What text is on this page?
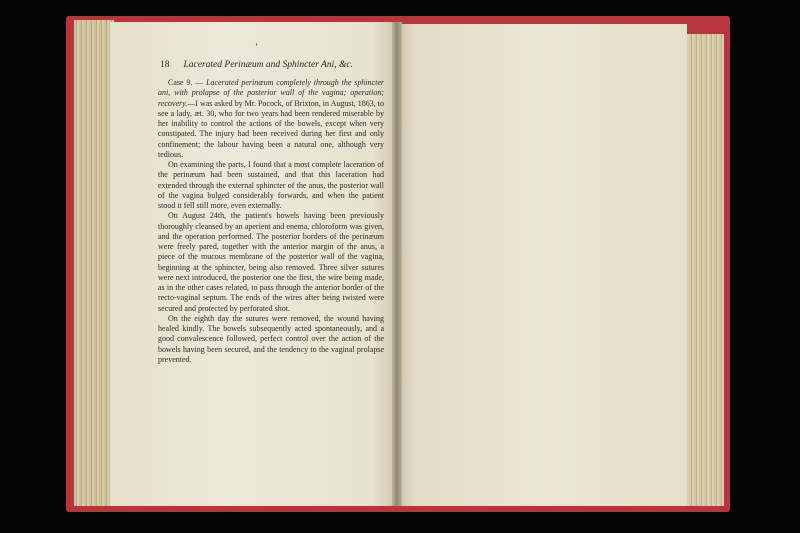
ʼ
18 Lacerated Perinæum and Sphincter Ani, &c.

Case 9. — Lacerated perinæum completely through the sphincter ani, with prolapse of the posterior wall of the vagina; operation; recovery.—I was asked by Mr. Pocock, of Brixton, in August, 1863, to see a lady, æt. 30, who for two years had been rendered miserable by her inability to control the actions of the bowels, except when very constipated. The injury had been received during her first and only confinement; the labour having been a natural one, although very tedious.

On examining the parts, I found that a most complete laceration of the perinæum had been sustained, and that this laceration had extended through the external sphincter of the anus, the posterior wall of the vagina bulged considerably forwards, and when the patient stood it fell still more, even externally.

On August 24th, the patient's bowels having been previously thoroughly cleansed by an aperient and enema, chloroform was given, and the operation performed. The posterior borders of the perinæum were freely pared, together with the anterior margin of the anus, a piece of the mucous membrane of the posterior wall of the vagina, beginning at the sphincter, being also removed. Three silver sutures were next introduced, the posterior one the first, the wire being made, as in the other cases related, to pass through the anterior border of the recto-vaginal septum. The ends of the wires after being twisted were secured and protected by perforated shot.

On the eighth day the sutures were removed, the wound having healed kindly. The bowels subsequently acted spontaneously, and a good convalescence followed, perfect control over the action of the bowels having been secured, and the tendency to the vaginal prolapse prevented.
